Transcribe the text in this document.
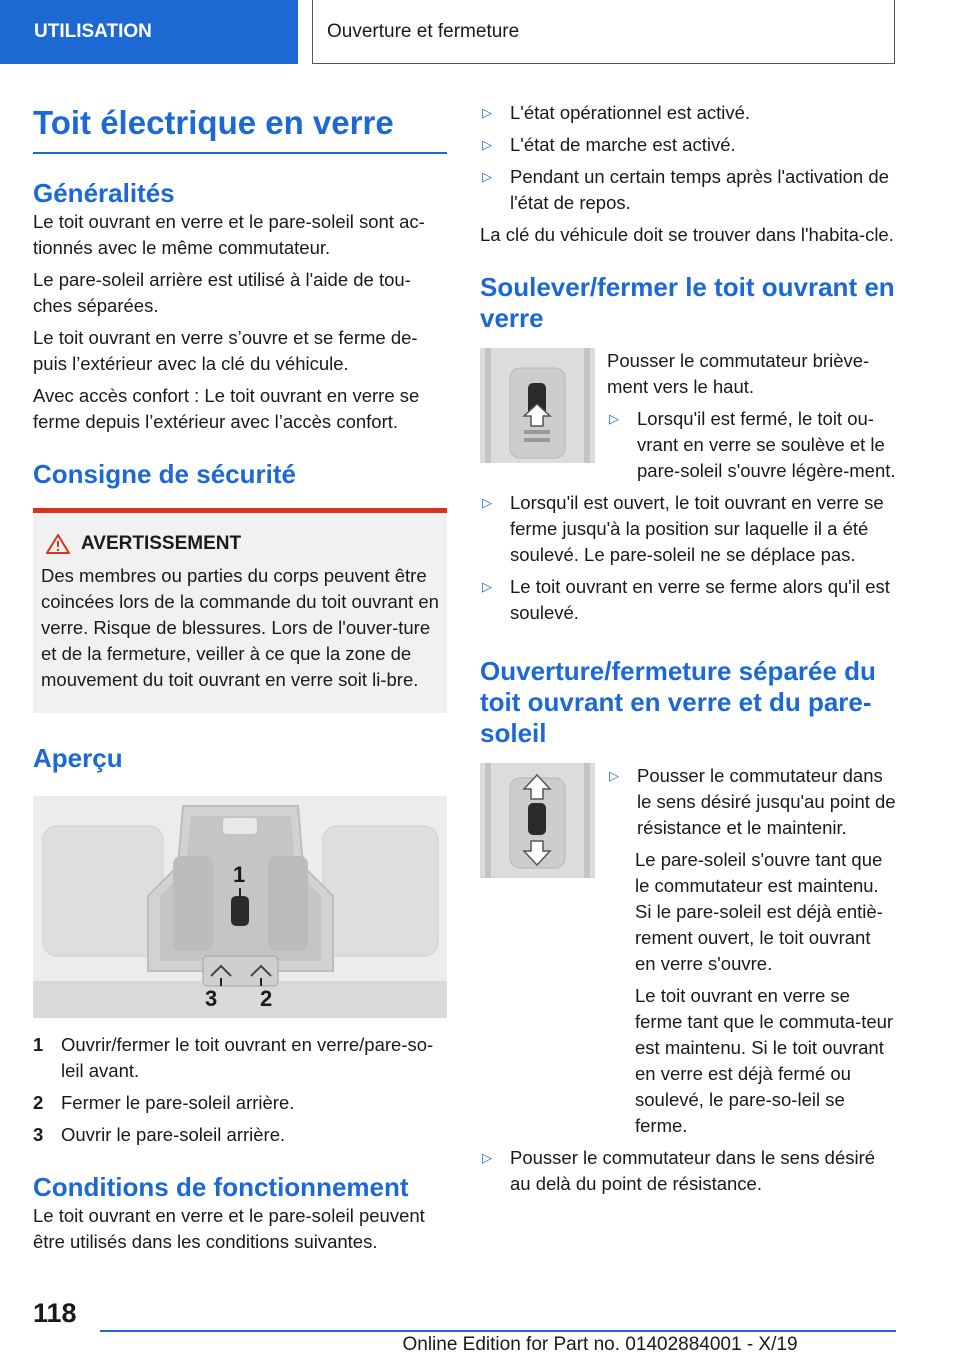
UTILISATION	Ouverture et fermeture
Toit électrique en verre
Généralités

Le toit ouvrant en verre et le pare-soleil sont ac-tionnés avec le même commutateur.

Le pare-soleil arrière est utilisé à l'aide de tou-ches séparées.

Le toit ouvrant en verre s’ouvre et se ferme de-puis l’extérieur avec la clé du véhicule.

Avec accès confort : Le toit ouvrant en verre se ferme depuis l’extérieur avec l’accès confort.

Consigne de sécurité
AVERTISSEMENT

Des membres ou parties du corps peuvent être coincées lors de la commande du toit ouvrant en verre. Risque de blessures. Lors de l'ouver-ture et de la fermeture, veiller à ce que la zone de mouvement du toit ouvrant en verre soit li-bre.

Aperçu
1
3 2
1 Ouvrir/fermer le toit ouvrant en verre/pare-so-leil avant.
2 Fermer le pare-soleil arrière.
3 Ouvrir le pare-soleil arrière.
Conditions de fonctionnement

Le toit ouvrant en verre et le pare-soleil peuvent être utilisés dans les conditions suivantes.

▷ L'état opérationnel est activé.
▷ L'état de marche est activé.
▷ Pendant un certain temps après l'activation de l'état de repos.

La clé du véhicule doit se trouver dans l'habita-cle.

Soulever/fermer le toit ouvrant en verre

Pousser le commutateur briève-ment vers le haut.

▷ Lorsqu'il est fermé, le toit ou-vrant en verre se soulève et le pare-soleil s'ouvre légère-ment.
▷ Lorsqu'il est ouvert, le toit ouvrant en verre se ferme jusqu'à la position sur laquelle il a été soulevé. Le pare-soleil ne se déplace pas.
▷ Le toit ouvrant en verre se ferme alors qu'il est soulevé.
Ouverture/fermeture séparée du toit ouvrant en verre et du pare-soleil
▷ Pousser le commutateur dans le sens désiré jusqu'au point de résistance et le maintenir.

Le pare-soleil s'ouvre tant que le commutateur est maintenu. Si le pare-soleil est déjà entiè-rement ouvert, le toit ouvrant en verre s'ouvre.

Le toit ouvrant en verre se ferme tant que le commuta-teur est maintenu. Si le toit ouvrant en verre est déjà fermé ou soulevé, le pare-so-leil se ferme.

▷ Pousser le commutateur dans le sens désiré au delà du point de résistance.
118
Online Edition for Part no. 01402884001 - X/19
